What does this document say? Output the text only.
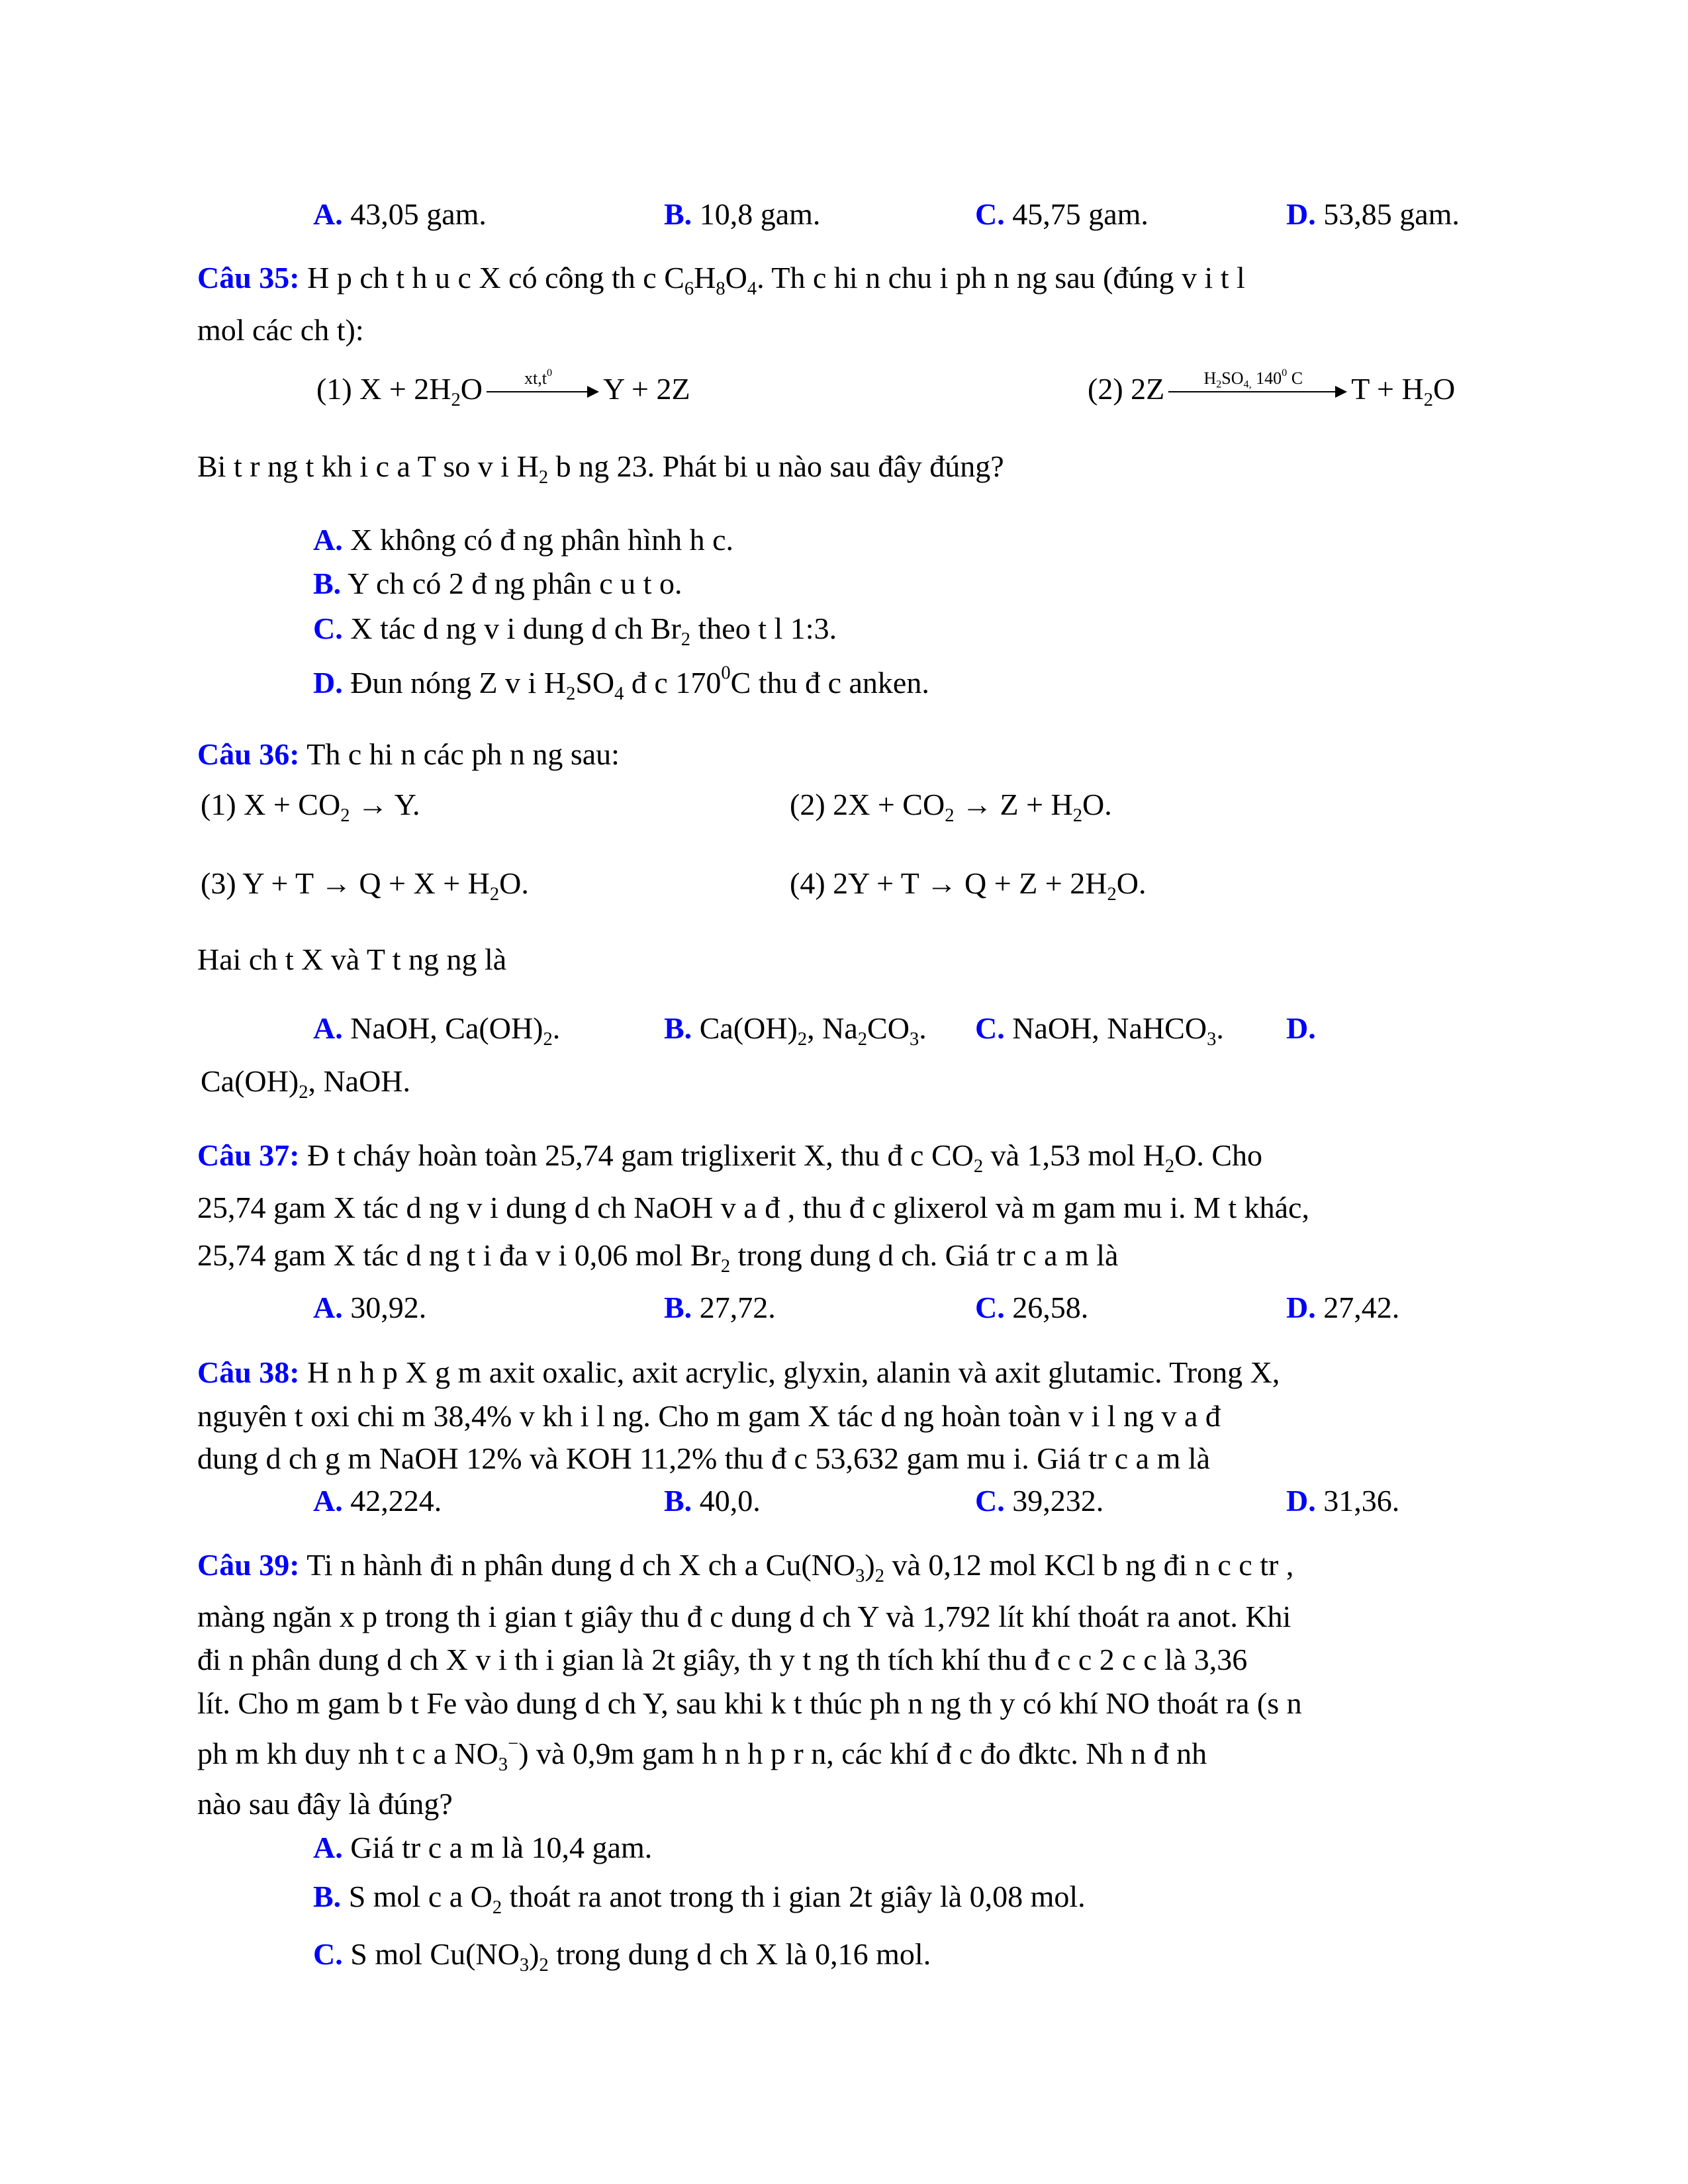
A. 43,05 gam.	B. 10,8 gam.	C. 45,75 gam.	D. 53,85 gam.
Câu 35: H p ch t h u c X có công th c $C_6H_8O_4$. Th c hi n chu i ph n ng sau (đúng v i t l
mol các ch t):
(1) $X + 2H_2O$	$xt,t^0$	Y + 2Z	(2) 2Z	$H_2SO_{4,}$ $140^0$ C	$T + H_2O$
Bi t r ng t kh i c a T so v i $H_2$ b ng 23. Phát bi u nào sau đây đúng?
A. X không có đ ng phân hình h c.
B. Y ch có 2 đ ng phân c u t o.
C. X tác d ng v i dung d ch $Br_2$ theo t l 1:3.
D. Đun nóng Z v i $H_2SO_4$ đ c $170^0C$ thu đ c anken.
Câu 36: Th c hi n các ph n ng sau:
(1) $X + CO_2 \to Y$.	(2) $2X + CO_2 \to Z + H_2O$.
(3) $Y + T \to Q + X + H_2O$.	(4) $2Y + T \to Q + Z + 2H_2O$.
Hai ch t X và T t ng ng là
A. NaOH, $Ca(OH)_2$.	B. $Ca(OH)_2$, $Na_2CO_3$. C. NaOH, NaHCO$_3$. D.
$Ca(OH)_2$, NaOH.
Câu 37: Đ t cháy hoàn toàn 25,74 gam triglixerit X, thu đ c $CO_2$ và 1,53 mol $H_2O$. Cho
25,74 gam X tác d ng v i dung d ch NaOH v a đ , thu đ c glixerol và m gam mu i. M t khác,
25,74 gam X tác d ng t i đa v i 0,06 mol $Br_2$ trong dung d ch. Giá tr c a m là
A. 30,92.	B. 27,72.	C. 26,58.	D. 27,42.
Câu 38: H n h p X g m axit oxalic, axit acrylic, glyxin, alanin và axit glutamic. Trong X,
nguyên t oxi chi m 38,4% v kh i l ng. Cho m gam X tác d ng hoàn toàn v i l ng v a đ
dung d ch g m NaOH 12% và KOH 11,2% thu đ c 53,632 gam mu i. Giá tr c a m là
A. 42,224.	B. 40,0.	C. 39,232.	D. 31,36.
Câu 39: Ti n hành đi n phân dung d ch X ch a $Cu(NO_3)_2$ và 0,12 mol KCl b ng đi n c c tr ,
màng ngăn x p trong th i gian t giây thu đ c dung d ch Y và 1,792 lít khí thoát ra anot. Khi
đi n phân dung d ch X v i th i gian là 2t giây, th y t ng th tích khí thu đ c c 2 c c là 3,36
lít. Cho m gam b t Fe vào dung d ch Y, sau khi k t thúc ph n ng th y có khí NO thoát ra (s n
ph m kh duy nh t c a $NO_3^-$) và 0,9m gam h n h p r n, các khí đ c đo đktc. Nh n đ nh
nào sau đây là đúng?
A. Giá tr c a m là 10,4 gam.
B. S mol c a $O_2$ thoát ra anot trong th i gian 2t giây là 0,08 mol.
C. S mol $Cu(NO_3)_2$ trong dung d ch X là 0,16 mol.
